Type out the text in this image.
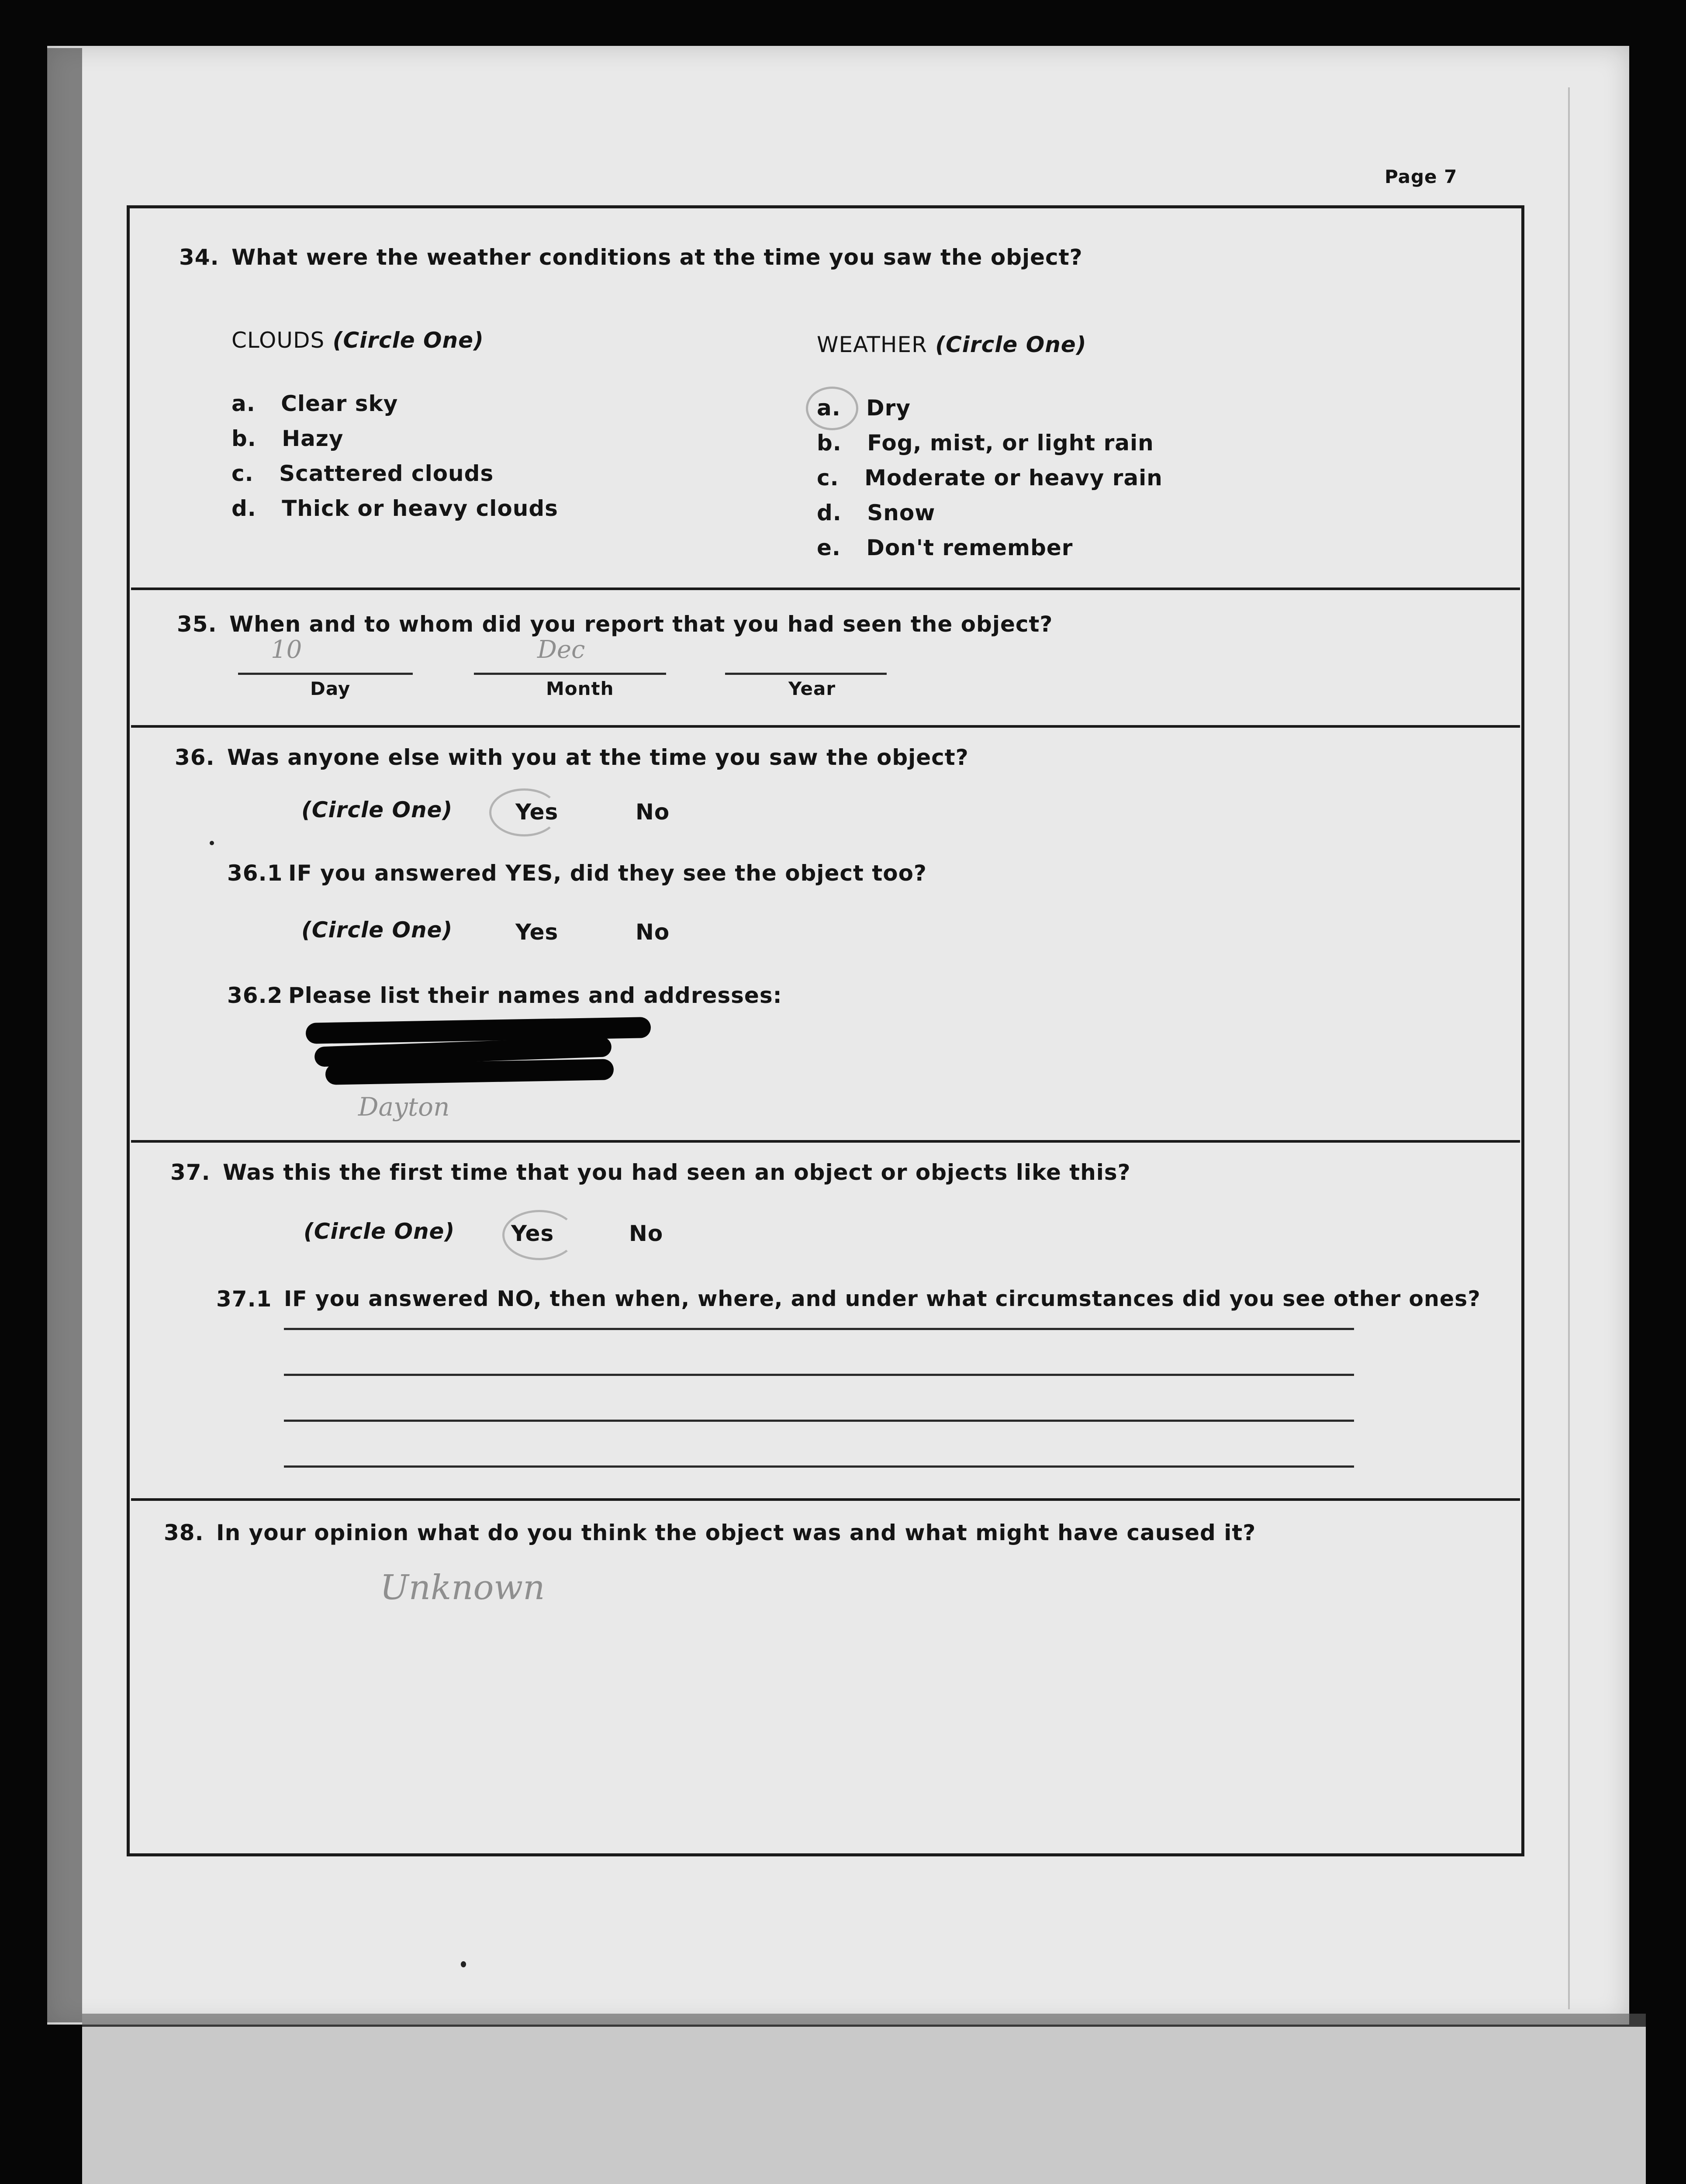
Page 7
34. What were the weather conditions at the time you saw the object?
CLOUDS (Circle One)
a. Clear sky
b. Hazy
c. Scattered clouds
d. Thick or heavy clouds
WEATHER (Circle One)
a. Dry
b. Fog, mist, or light rain
c. Moderate or heavy rain
d. Snow
e. Don't remember
35. When and to whom did you report that you had seen the object?
10
Day
Dec
Month	Year
36. Was anyone else with you at the time you saw the object?
(Circle One)	Yes	No
36.1 IF you answered YES, did they see the object too?
(Circle One)	Yes	No
36.2 Please list their names and addresses:
Dayton
37. Was this the first time that you had seen an object or objects like this?
(Circle One)	Yes	No
37.1 IF you answered NO, then when, where, and under what circumstances did you see other ones?
38. In your opinion what do you think the object was and what might have caused it?
Unknown
